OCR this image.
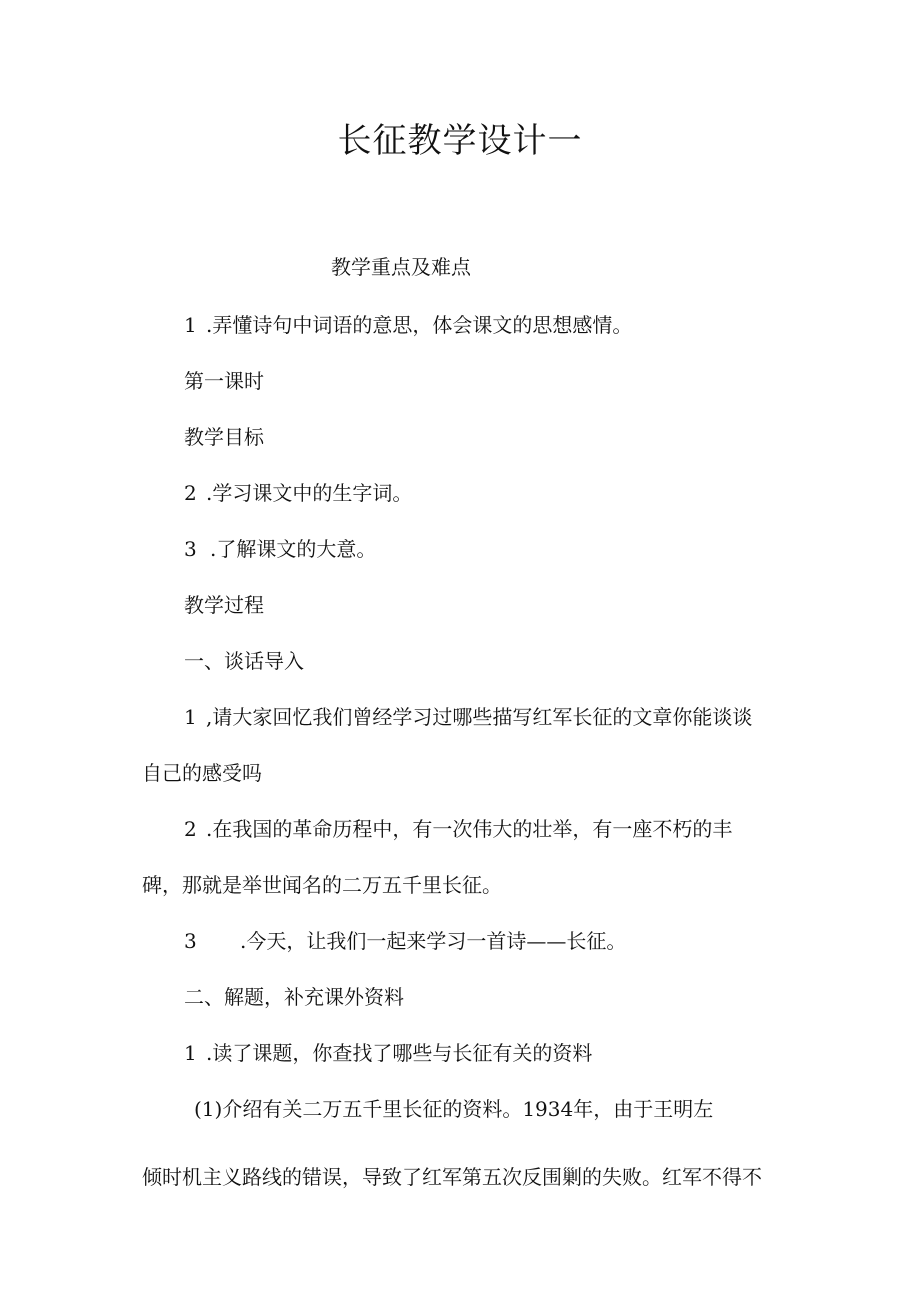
长征教学设计一
教学重点及难点
1 .弄懂诗句中词语的意思，体会课文的思想感情。
第一课时
教学目标
2 .学习课文中的生字词。
3 .了解课文的大意。
教学过程
一、谈话导入
1 ,请大家回忆我们曾经学习过哪些描写红军长征的文章你能谈谈
自己的感受吗
2 .在我国的革命历程中，有一次伟大的壮举，有一座不朽的丰
碑，那就是举世闻名的二万五千里长征。
3 .今天，让我们一起来学习一首诗——长征。
二、解题，补充课外资料
1 .读了课题，你查找了哪些与长征有关的资料
(1)介绍有关二万五千里长征的资料。1934年，由于王明左
倾时机主义路线的错误，导致了红军第五次反围剿的失败。红军不得不
